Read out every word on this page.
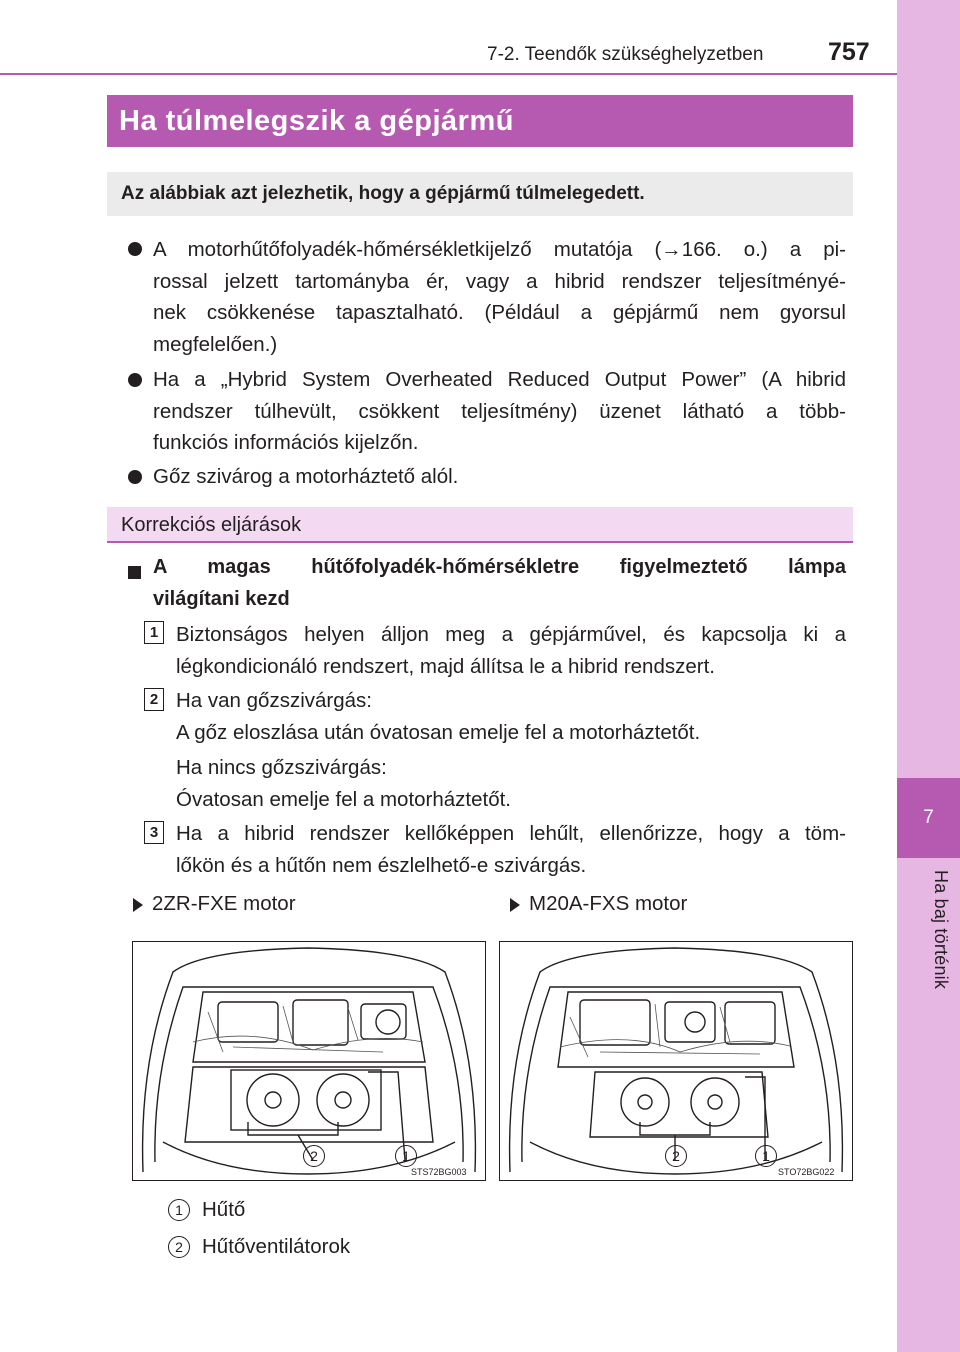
7
Ha baj történik
7-2. Teendők szükséghelyzetben	757
Ha túlmelegszik a gépjármű
Az alábbiak azt jelezhetik, hogy a gépjármű túlmelegedett.
A motorhűtőfolyadék-hőmérsékletkijelző mutatója (→166. o.) a pi-
rossal jelzett tartományba ér, vagy a hibrid rendszer teljesítményé-
nek csökkenése tapasztalható. (Például a gépjármű nem gyorsul
megfelelően.)
Ha a „Hybrid System Overheated Reduced Output Power” (A hibrid
rendszer túlhevült, csökkent teljesítmény) üzenet látható a több-
funkciós információs kijelzőn.
Gőz szivárog a motorháztető alól.
Korrekciós eljárások
A magas hűtőfolyadék-hőmérsékletre figyelmeztető lámpa
világítani kezd
1 Biztonságos helyen álljon meg a gépjárművel, és kapcsolja ki a
légkondicionáló rendszert, majd állítsa le a hibrid rendszert.
2 Ha van gőzszivárgás:
A gőz eloszlása után óvatosan emelje fel a motorháztetőt.
Ha nincs gőzszivárgás:
Óvatosan emelje fel a motorháztetőt.
3 Ha a hibrid rendszer kellőképpen lehűlt, ellenőrizze, hogy a töm-
lőkön és a hűtőn nem észlelhető-e szivárgás.
2ZR-FXE motor	M20A-FXS motor
2	1
STS72BG003
2	1
STO72BG022
1 Hűtő
2 Hűtőventilátorok
